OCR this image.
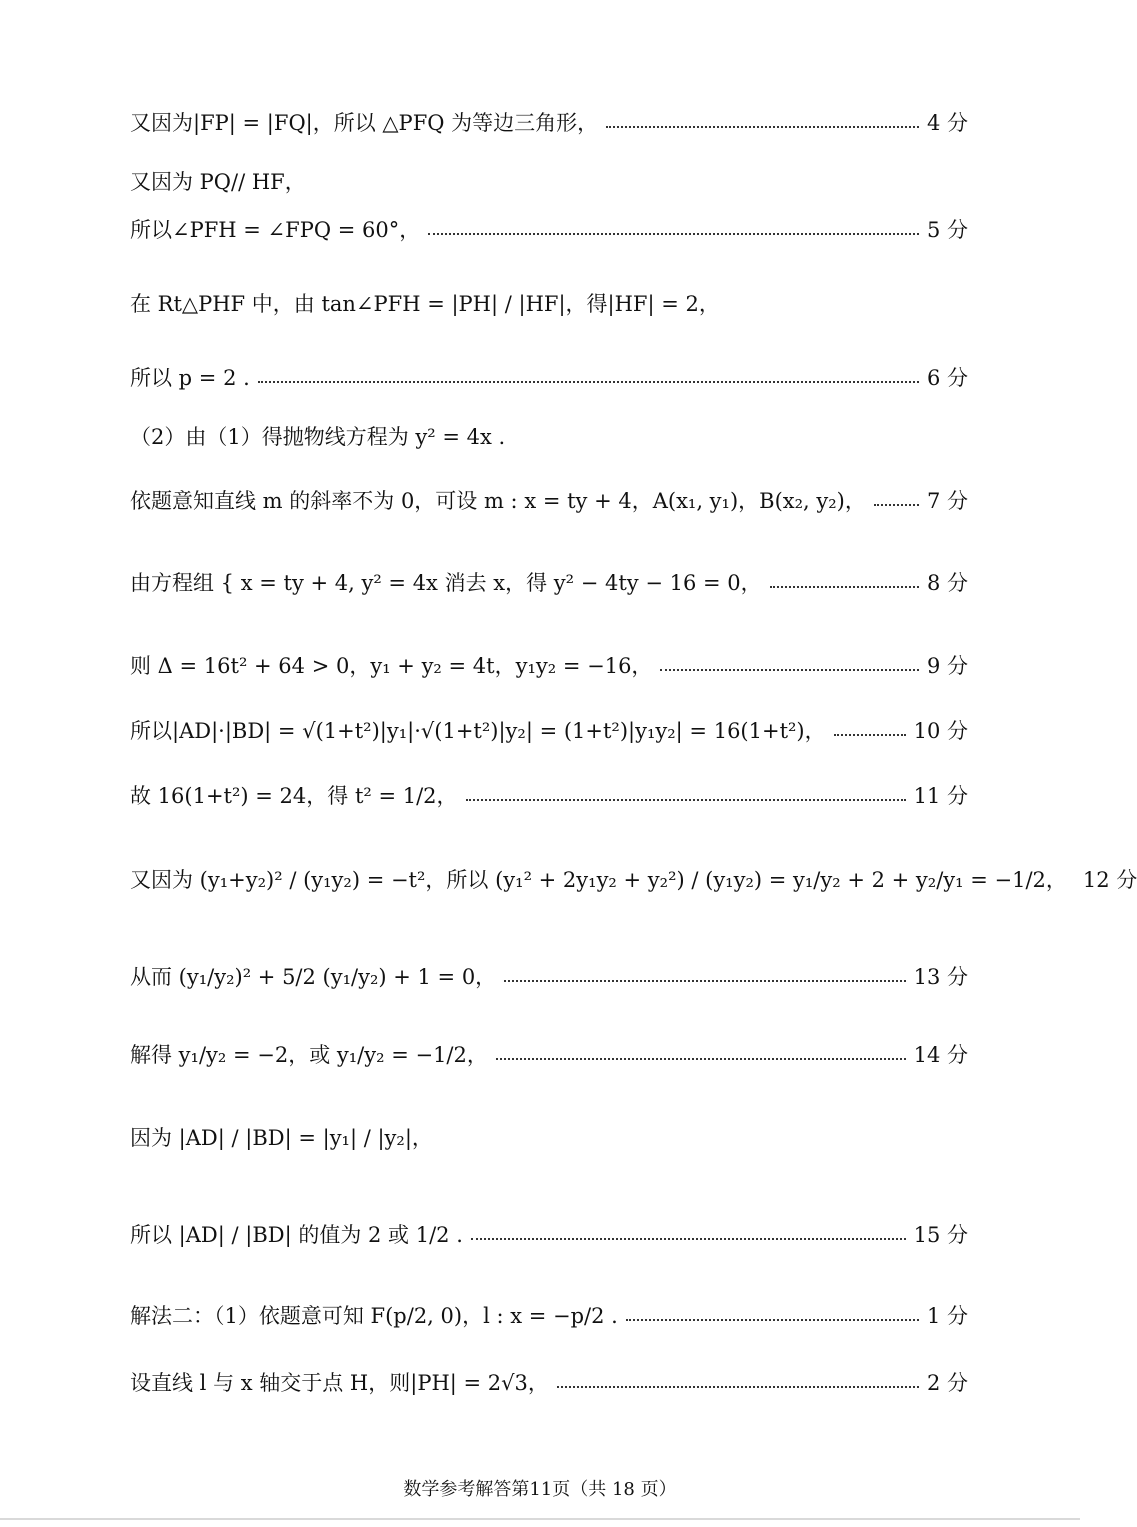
又因为|FP| = |FQ|，所以 △PFQ 为等边三角形，	4 分
又因为 PQ// HF，
所以∠PFH = ∠FPQ = 60°，	5 分
在 Rt△PHF 中，由 tan∠PFH = |PH| / |HF|，得|HF| = 2，
所以 p = 2 .	6 分
（2）由（1）得抛物线方程为 y² = 4x .
依题意知直线 m 的斜率不为 0，可设 m : x = ty + 4，A(x₁, y₁)，B(x₂, y₂)，	7 分
由方程组 { x = ty + 4, y² = 4x 消去 x，得 y² − 4ty − 16 = 0，	8 分
则 Δ = 16t² + 64 > 0，y₁ + y₂ = 4t，y₁y₂ = −16，	9 分
所以|AD|·|BD| = √(1+t²)|y₁|·√(1+t²)|y₂| = (1+t²)|y₁y₂| = 16(1+t²)，	10 分
故 16(1+t²) = 24，得 t² = 1/2，	11 分
又因为 (y₁+y₂)² / (y₁y₂) = −t²，所以 (y₁² + 2y₁y₂ + y₂²) / (y₁y₂) = y₁/y₂ + 2 + y₂/y₁ = −1/2， 12 分
从而 (y₁/y₂)² + 5/2 (y₁/y₂) + 1 = 0，	13 分
解得 y₁/y₂ = −2，或 y₁/y₂ = −1/2，	14 分
因为 |AD| / |BD| = |y₁| / |y₂|，
所以 |AD| / |BD| 的值为 2 或 1/2 .	15 分
解法二：（1）依题意可知 F(p/2, 0)，l : x = −p/2 .	1 分
设直线 l 与 x 轴交于点 H，则|PH| = 2√3，	2 分
数学参考解答第11页（共 18 页）
